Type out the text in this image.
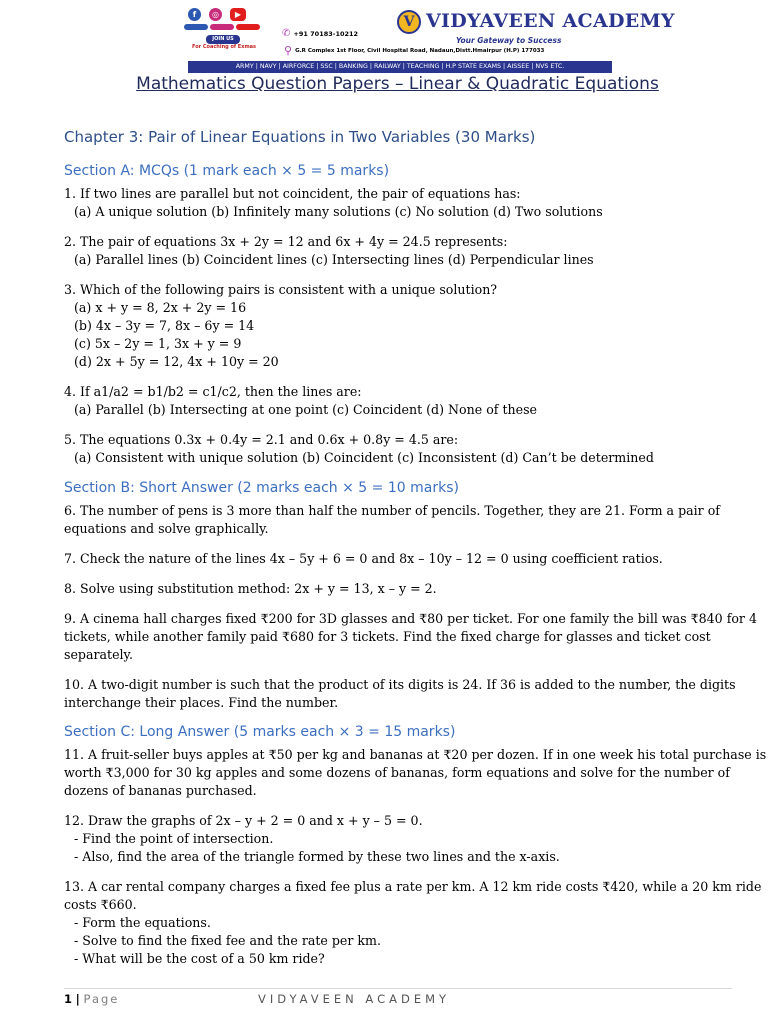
f	◎	▶
JOIN US
For Coaching of Exmas
✆ +91 70183-10212
⚲ G.R Complex 1st Floor, Civil Hospital Road, Nadaun,Distt.Hmairpur (H.P) 177033
V VIDYAVEEN ACADEMY
Your Gateway to Success
ARMY | NAVY | AIRFORCE | SSC | BANKING | RAILWAY | TEACHING | H.P STATE EXAMS | AISSEE | NVS ETC.
Mathematics Question Papers – Linear & Quadratic Equations
Chapter 3: Pair of Linear Equations in Two Variables (30 Marks)
Section A: MCQs (1 mark each × 5 = 5 marks)
1. If two lines are parallel but not coincident, the pair of equations has:
(a) A unique solution (b) Infinitely many solutions (c) No solution (d) Two solutions
2. The pair of equations 3x + 2y = 12 and 6x + 4y = 24.5 represents:
(a) Parallel lines (b) Coincident lines (c) Intersecting lines (d) Perpendicular lines
3. Which of the following pairs is consistent with a unique solution?
(a) x + y = 8, 2x + 2y = 16
(b) 4x – 3y = 7, 8x – 6y = 14
(c) 5x – 2y = 1, 3x + y = 9
(d) 2x + 5y = 12, 4x + 10y = 20
4. If a1/a2 = b1/b2 = c1/c2, then the lines are:
(a) Parallel (b) Intersecting at one point (c) Coincident (d) None of these
5. The equations 0.3x + 0.4y = 2.1 and 0.6x + 0.8y = 4.5 are:
(a) Consistent with unique solution (b) Coincident (c) Inconsistent (d) Can’t be determined
Section B: Short Answer (2 marks each × 5 = 10 marks)
6. The number of pens is 3 more than half the number of pencils. Together, they are 21. Form a pair of
equations and solve graphically.
7. Check the nature of the lines 4x – 5y + 6 = 0 and 8x – 10y – 12 = 0 using coefficient ratios.
8. Solve using substitution method: 2x + y = 13, x – y = 2.
9. A cinema hall charges fixed ₹200 for 3D glasses and ₹80 per ticket. For one family the bill was ₹840 for 4
tickets, while another family paid ₹680 for 3 tickets. Find the fixed charge for glasses and ticket cost
separately.
10. A two-digit number is such that the product of its digits is 24. If 36 is added to the number, the digits
interchange their places. Find the number.
Section C: Long Answer (5 marks each × 3 = 15 marks)
11. A fruit-seller buys apples at ₹50 per kg and bananas at ₹20 per dozen. If in one week his total purchase is
worth ₹3,000 for 30 kg apples and some dozens of bananas, form equations and solve for the number of
dozens of bananas purchased.
12. Draw the graphs of 2x – y + 2 = 0 and x + y – 5 = 0.
- Find the point of intersection.
- Also, find the area of the triangle formed by these two lines and the x-axis.
13. A car rental company charges a fixed fee plus a rate per km. A 12 km ride costs ₹420, while a 20 km ride
costs ₹660.
- Form the equations.
- Solve to find the fixed fee and the rate per km.
- What will be the cost of a 50 km ride?
1 | Page	VIDYAVEEN ACADEMY
